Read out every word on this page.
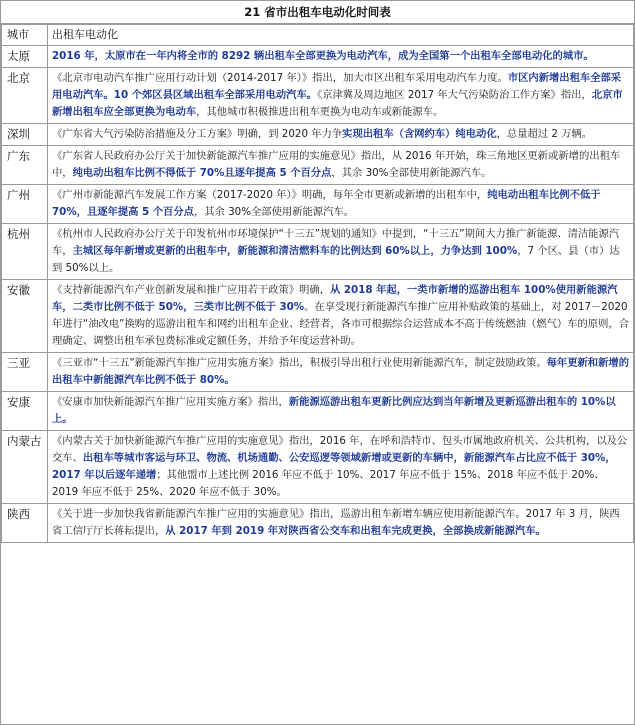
21 省市出租车电动化时间表
城市	出租车电动化
太原	2016 年，太原市在一年内将全市的 8292 辆出租车全部更换为电动汽车，成为全国第一个出租车全部电动化的城市。
北京	《北京市电动汽车推广应用行动计划（2014-2017 年）》指出，加大市区出租车采用电动汽车力度。市区内新增出租车全部采用电动汽车。10 个郊区县区域出租车全部采用电动汽车。《京津冀及周边地区 2017 年大气污染防治工作方案》指出，北京市新增出租车应全部更换为电动车，其他城市积极推进出租车更换为电动车或新能源车。
深圳	《广东省大气污染防治措施及分工方案》明确，到 2020 年力争实现出租车（含网约车）纯电动化，总量超过 2 万辆。
广东	《广东省人民政府办公厅关于加快新能源汽车推广应用的实施意见》指出，从 2016 年开始，珠三角地区更新或新增的出租车中，纯电动出租车比例不得低于 70%且逐年提高 5 个百分点，其余 30%全部使用新能源汽车。
广州	《广州市新能源汽车发展工作方案（2017-2020 年）》明确，每年全市更新或新增的出租车中，纯电动出租车比例不低于 70%，且逐年提高 5 个百分点，其余 30%全部使用新能源汽车。
杭州	《杭州市人民政府办公厅关于印发杭州市环境保护“十三五”规划的通知》中提到，“十三五”期间大力推广新能源、清洁能源汽车，主城区每年新增或更新的出租车中，新能源和清洁燃料车的比例达到 60%以上，力争达到 100%，7 个区、县（市）达到 50%以上。
安徽	《支持新能源汽车产业创新发展和推广应用若干政策》明确，从 2018 年起，一类市新增的巡游出租车 100%使用新能源汽车，二类市比例不低于 50%，三类市比例不低于 30%。在享受现行新能源汽车推广应用补贴政策的基础上，对 2017－2020 年进行“油改电”换购的巡游出租车和网约出租车企业、经营者，各市可根据综合运营成本不高于传统燃油（燃气）车的原则，合理确定、调整出租车承包费标准或定额任务，并给予年度运营补助。
三亚	《三亚市“十三五”新能源汽车推广应用实施方案》指出，积极引导出租行业使用新能源汽车，制定鼓励政策。每年更新和新增的出租车中新能源汽车比例不低于 80%。
安康	《安康市加快新能源汽车推广应用实施方案》指出，新能源巡游出租车更新比例应达到当年新增及更新巡游出租车的 10%以上。
内蒙古	《内蒙古关于加快新能源汽车推广应用的实施意见》指出，2016 年，在呼和浩特市、包头市属地政府机关、公共机构，以及公交车、出租车等城市客运与环卫、物流、机场通勤、公安巡逻等领域新增或更新的车辆中，新能源汽车占比应不低于 30%，2017 年以后逐年递增；其他盟市上述比例 2016 年应不低于 10%、2017 年应不低于 15%、2018 年应不低于 20%、2019 年应不低于 25%、2020 年应不低于 30%。
陕西	《关于进一步加快我省新能源汽车推广应用的实施意见》指出，巡游出租车新增车辆应使用新能源汽车。2017 年 3 月，陕西省工信厅厅长蒋耘提出，从 2017 年到 2019 年对陕西省公交车和出租车完成更换，全部换成新能源汽车。
